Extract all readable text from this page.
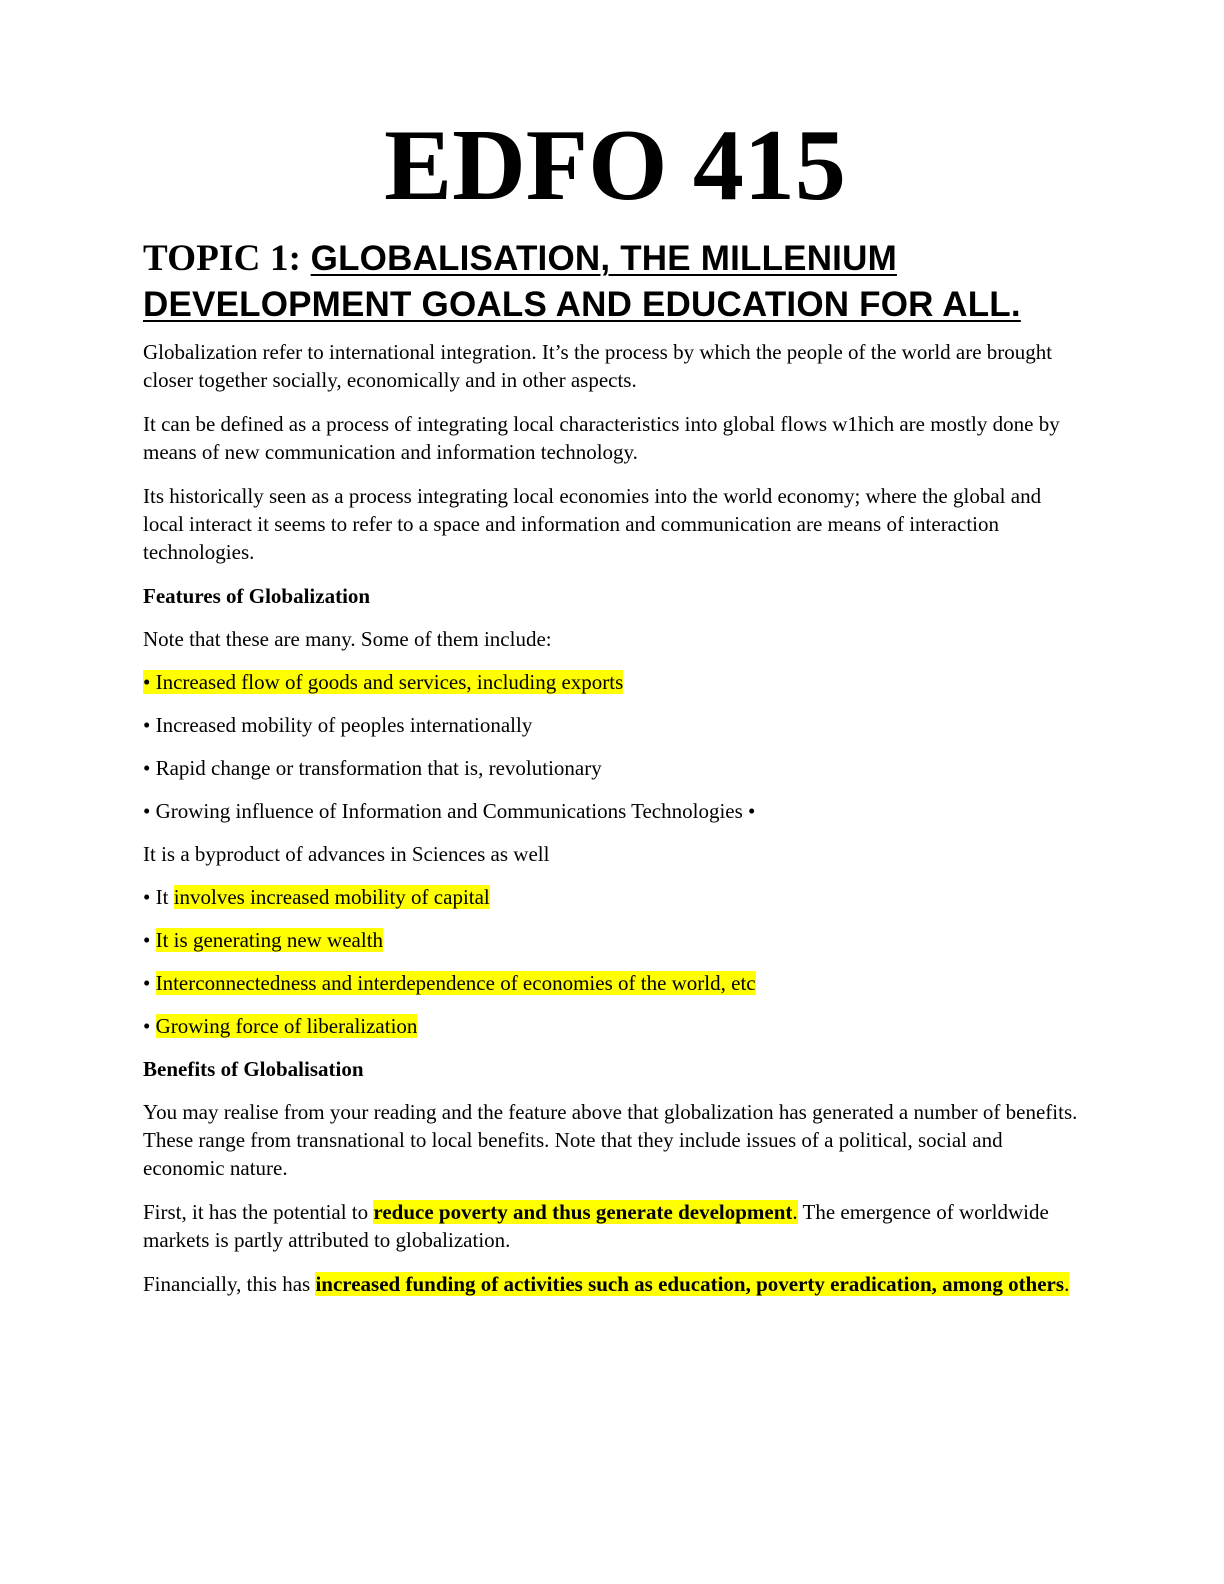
EDFO 415
TOPIC 1: GLOBALISATION, THE MILLENIUM DEVELOPMENT GOALS AND EDUCATION FOR ALL.

Globalization refer to international integration. It’s the process by which the people of the world are brought closer together socially, economically and in other aspects.

It can be defined as a process of integrating local characteristics into global flows w1hich are mostly done by means of new communication and information technology.

Its historically seen as a process integrating local economies into the world economy; where the global and local interact it seems to refer to a space and information and communication are means of interaction technologies.

Features of Globalization

Note that these are many. Some of them include:

• Increased flow of goods and services, including exports

• Increased mobility of peoples internationally

• Rapid change or transformation that is, revolutionary

• Growing influence of Information and Communications Technologies •

It is a byproduct of advances in Sciences as well

• It involves increased mobility of capital

• It is generating new wealth

• Interconnectedness and interdependence of economies of the world, etc

• Growing force of liberalization

Benefits of Globalisation

You may realise from your reading and the feature above that globalization has generated a number of benefits. These range from transnational to local benefits. Note that they include issues of a political, social and economic nature.

First, it has the potential to reduce poverty and thus generate development. The emergence of worldwide markets is partly attributed to globalization.

Financially, this has increased funding of activities such as education, poverty eradication, among others.
